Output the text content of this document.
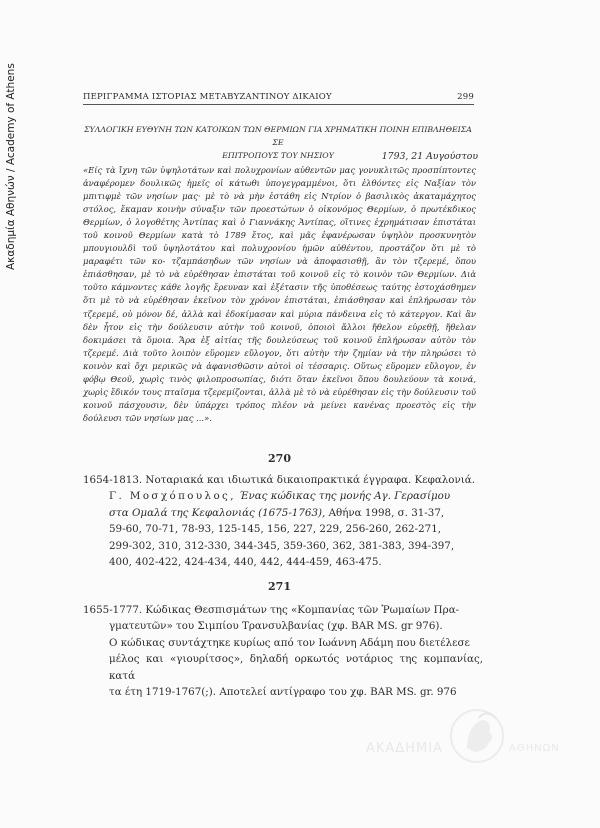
Ακαδημία Αθηνών / Academy of Athens	ΠΕΡΙΓΡΑΜΜΑ ΙΣΤΟΡΙΑΣ ΜΕΤΑΒΥΖΑΝΤΙΝΟΥ ΔΙΚΑΙΟΥ	299
ΣΥΛΛΟΓΙΚΗ ΕΥΘΥΝΗ ΤΩΝ ΚΑΤΟΙΚΩΝ ΤΩΝ ΘΕΡΜΙΩΝ ΓΙΑ ΧΡΗΜΑΤΙΚΗ ΠΟΙΝΗ ΕΠΙΒΛΗΘΕΙΣΑ ΣΕ
ΕΠΙΤΡΟΠΟΥΣ ΤΟΥ ΝΗΣΙΟΥ	1793, 21 Αυγούστου

«Είς τὰ ἴχνη τῶν ὑψηλοτάτων καὶ πολυχρονίων αὐθεντῶν μας γονυκλιτῶς προσπίπτοντες ἀναφέρομεν δουλικῶς ἡμεῖς οἱ κάτωθι ὑπογεγραμμένοι, ὅτι ἐλθόντες εἰς Ναξίαν τὸν μπιτιφμὲ τῶν νησίων μας· μὲ τὸ νὰ μὴν ἐστάθη εἰς Ντρίον ὁ βασιλικὸς ἀκαταμάχητος στόλος, ἔκαμαν κοινὴν σύναξιν τῶν προεστώτων ὁ οἰκονόμος Θερμίων, ὁ πρωτέκδικος Θερμίων, ὁ λογοθέτης Ἀντίπας καὶ ὁ Γιαννάκης Ἀντίπας, οἵτινες ἐχρημάτισαν ἐπιστάται τοῦ κοινοῦ Θερμίων κατὰ τὸ 1789 ἔτος, καὶ μᾶς ἐφανέρωσαν ὑψηλὸν προσκυνητὸν μπουγιουλδὶ τοῦ ὑψηλοτάτου καὶ πολυχρονίου ἡμῶν αὐθέντου, προστάζον ὅτι μὲ τὸ μαραφέτι τῶν κο- τζαμπάσηδων τῶν νησίων νὰ ἀποφασισθῇ, ἂν τὸν τζερεμέ, ὅπου ἐπιάσθησαν, μὲ τὸ νὰ εὑρέθησαν ἐπιστάται τοῦ κοινοῦ εἰς τὸ κοινὸν τῶν Θερμίων. Διὰ τοῦτο κάμνοντες κάθε λογῆς ἔρευναν καὶ ἐξέτασιν τῆς ὑποθέσεως ταύτης ἐστοχάσθημεν ὅτι μὲ τὸ νὰ εὑρέθησαν ἐκεῖνον τὸν χρόνον ἐπιστάται, ἐπιάσθησαν καὶ ἐπλήρωσαν τὸν τζερεμέ, οὐ μόνον δέ, ἀλλὰ καὶ ἐδοκίμασαν καὶ μύρια πάνδεινα εἰς τὸ κάτεργον. Καὶ ἂν δὲν ἦτον εἰς τὴν δούλευσιν αὐτὴν τοῦ κοινοῦ, ὁποιοὶ ἄλλοι ἤθελον εὑρεθῇ, ἤθελαν δοκιμάσει τὰ ὅμοια. Ἄρα ἐξ αἰτίας τῆς δουλεύσεως τοῦ κοινοῦ ἐπλήρωσαν αὐτὸν τὸν τζερεμέ. Διὰ τοῦτο λοιπὸν εὕρομεν εὔλογον, ὅτι αὐτὴν τὴν ζημίαν νὰ τὴν πληρώσει τὸ κοινὸν καὶ ὄχι μερικῶς νὰ ἀφανισθῶσιν αὐτοὶ οἱ τέσσαρις. Οὕτως εὕρομεν εὔλογον, ἐν φόβῳ Θεοῦ, χωρὶς τινὸς φιλοπροσωπίας, διότι ὅταν ἐκεῖνοι ὅπου δουλεύουν τὰ κοινά, χωρὶς ἔδικόν τους πταῖσμα τζερεμίζονται, ἀλλὰ μὲ τὸ νὰ εὑρέθησαν εἰς τὴν δούλευσιν τοῦ κοινοῦ πάσχουσιν, δὲν ὑπάρχει τρόπος πλέον νὰ μείνει κανένας προεστὸς εἰς τὴν δούλευσι τῶν νησίων μας ...».

270

1654-1813. Νοταριακά και ιδιωτικά δικαιοπρακτικά έγγραφα. Κεφαλονιά.
Γ. Μοσχόπουλος, Ένας κώδικας της μονής Αγ. Γερασίμου
στα Ομαλά της Κεφαλονιάς (1675-1763), Αθήνα 1998, σ. 31-37,
59-60, 70-71, 78-93, 125-145, 156, 227, 229, 256-260, 262-271,
299-302, 310, 312-330, 344-345, 359-360, 362, 381-383, 394-397,
400, 402-422, 424-434, 440, 442, 444-459, 463-475.

271

1655-1777. Κώδικας Θεσπισμάτων της «Κομπανίας τῶν Ῥωμαίων Πρα-
γματευτῶν» του Σιμπίου Τρανσυλβανίας (χφ. BAR MS. gr 976).
Ο κώδικας συντάχτηκε κυρίως από τον Ιωάννη Αδάμη που διετέλεσε
μέλος και «γιουρίτσος», δηλαδή ορκωτός νοτάριος της κομπανίας, κατά
τα έτη 1719-1767(;). Αποτελεί αντίγραφο του χφ. BAR MS. gr. 976

ΑΚΑΔΗΜΙΑ	ΑΘΗΝΩΝ
